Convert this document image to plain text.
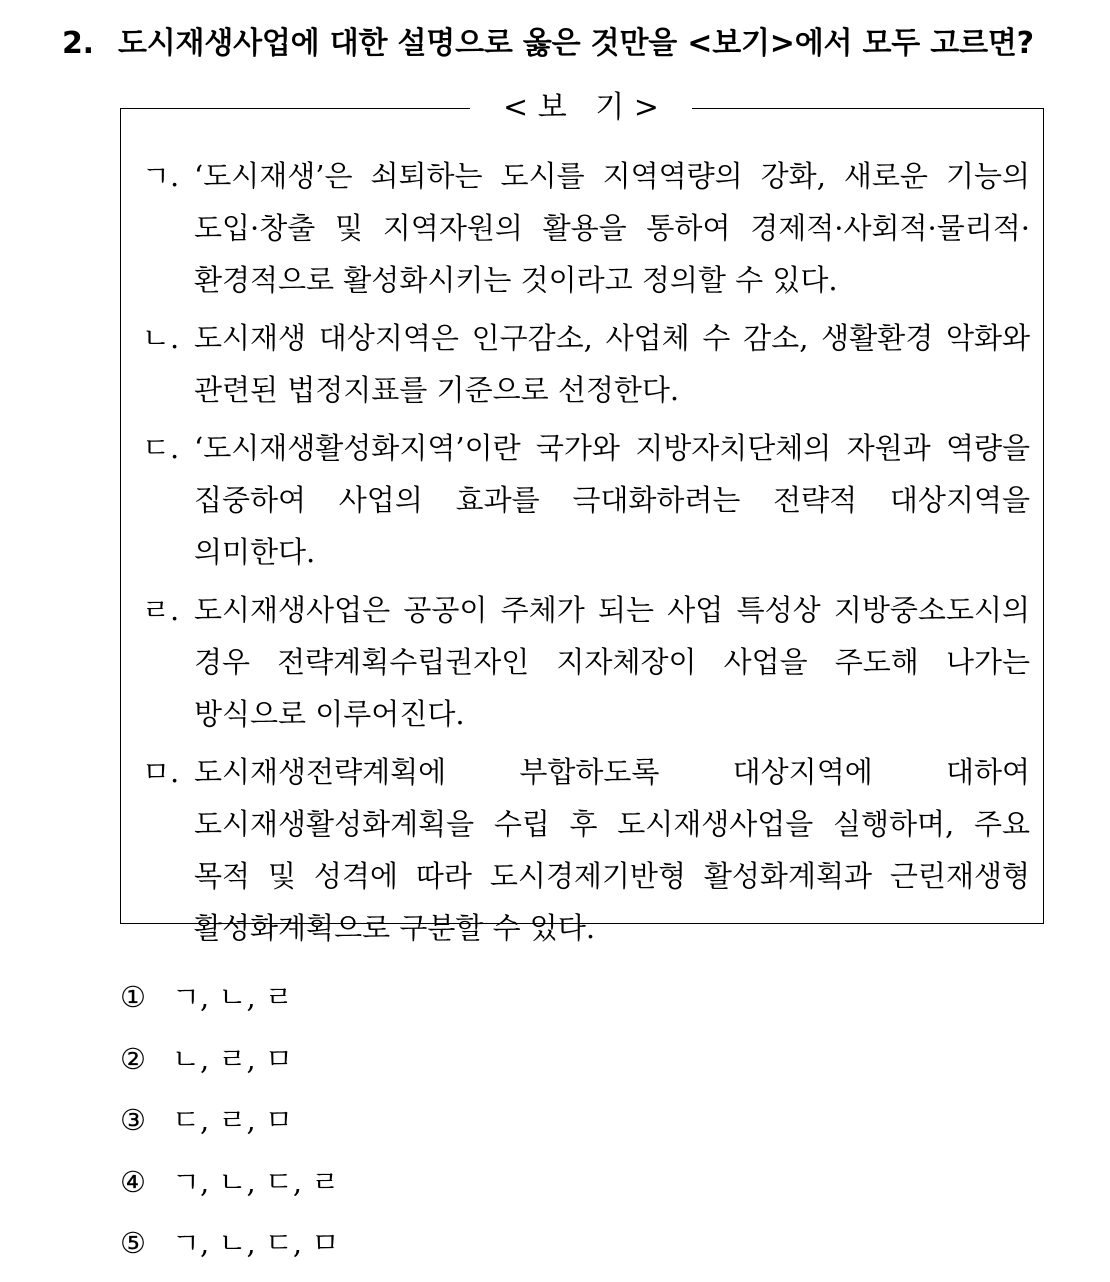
2. 도시재생사업에 대한 설명으로 옳은 것만을 <보기>에서 모두 고르면?
< 보   기 >
ㄱ. ‘도시재생’은 쇠퇴하는 도시를 지역역량의 강화, 새로운 기능의 도입·창출 및 지역자원의 활용을 통하여 경제적·사회적·물리적·환경적으로 활성화시키는 것이라고 정의할 수 있다.
ㄴ. 도시재생 대상지역은 인구감소, 사업체 수 감소, 생활환경 악화와 관련된 법정지표를 기준으로 선정한다.
ㄷ. ‘도시재생활성화지역’이란 국가와 지방자치단체의 자원과 역량을 집중하여 사업의 효과를 극대화하려는 전략적 대상지역을 의미한다.
ㄹ. 도시재생사업은 공공이 주체가 되는 사업 특성상 지방중소도시의 경우 전략계획수립권자인 지자체장이 사업을 주도해 나가는 방식으로 이루어진다.
ㅁ. 도시재생전략계획에 부합하도록 대상지역에 대하여 도시재생활성화계획을 수립 후 도시재생사업을 실행하며, 주요 목적 및 성격에 따라 도시경제기반형 활성화계획과 근린재생형 활성화계획으로 구분할 수 있다.
① ㄱ, ㄴ, ㄹ
② ㄴ, ㄹ, ㅁ
③ ㄷ, ㄹ, ㅁ
④ ㄱ, ㄴ, ㄷ, ㄹ
⑤ ㄱ, ㄴ, ㄷ, ㅁ
